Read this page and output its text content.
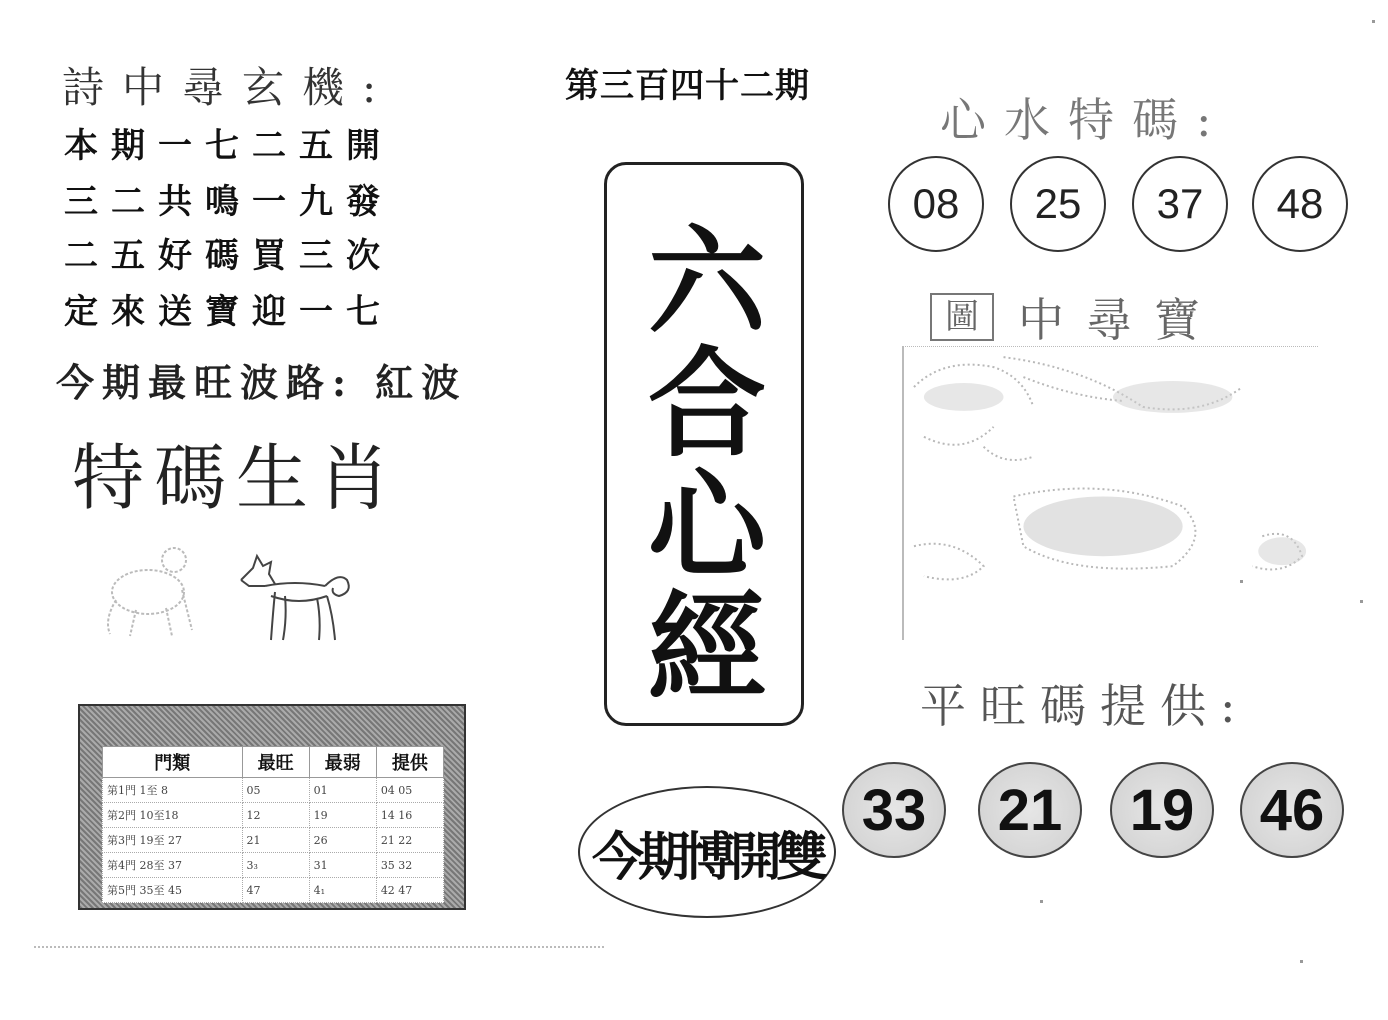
詩中尋玄機:
本期一七二五開
三二共鳴一九發
二五好碼買三次
定來送寶迎一七
今期最旺波路: 紅波
特碼生肖
門類	最旺	最弱	提供
第1門 1至 8	05	01	04 05
第2門 10至18	12	19	14 16
第3門 19至 27	21	26	21 22
第4門 28至 37	3₃	31	35 32
第5門 35至 45	47	4₁	42 47
第三百四十二期
六
合
心
經
今期博開雙
心水特碼:
08	25	37	48
圖 中尋寶
平旺碼提供:
33	21	19	46
